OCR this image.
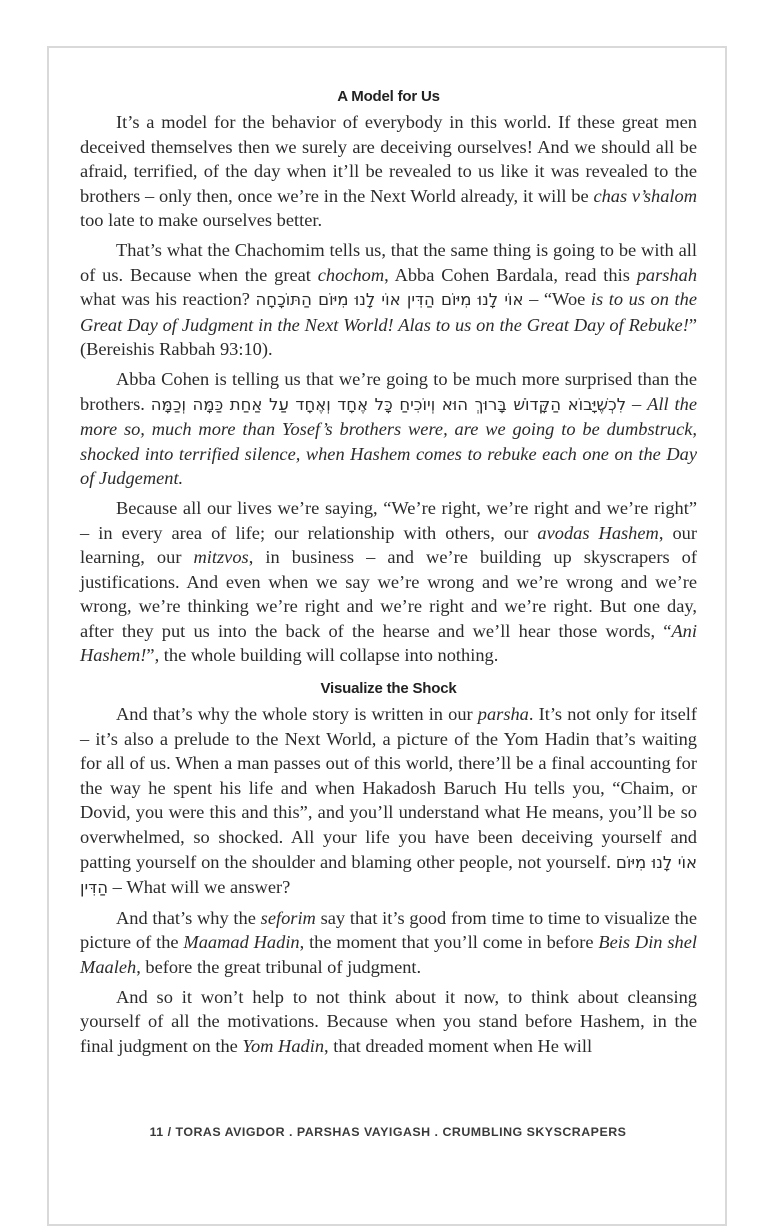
A Model for Us

It’s a model for the behavior of everybody in this world. If these great men deceived themselves then we surely are deceiving ourselves! And we should all be afraid, terrified, of the day when it’ll be revealed to us like it was revealed to the brothers – only then, once we’re in the Next World already, it will be chas v’shalom too late to make ourselves better.

That’s what the Chachomim tells us, that the same thing is going to be with all of us. Because when the great chochom, Abba Cohen Bardala, read this parshah what was his reaction? אוֹי לָנוּ מִיּוֹם הַדִּין אוֹי לָנוּ מִיּוֹם הַתּוֹכָחָה – “Woe is to us on the Great Day of Judgment in the Next World! Alas to us on the Great Day of Rebuke!” (Bereishis Rabbah 93:10).

Abba Cohen is telling us that we’re going to be much more surprised than the brothers. לִכְשֶׁיָּבוֹא הַקָּדוֹשׁ בָּרוּךְ הוּא וְיוֹכִיחַ כָּל אֶחָד וְאֶחָד עַל אַחַת כַּמָּה וְכַמָּה – All the more so, much more than Yosef’s brothers were, are we going to be dumbstruck, shocked into terrified silence, when Hashem comes to rebuke each one on the Day of Judgement.

Because all our lives we’re saying, “We’re right, we’re right and we’re right” – in every area of life; our relationship with others, our avodas Hashem, our learning, our mitzvos, in business – and we’re building up skyscrapers of justifications. And even when we say we’re wrong and we’re wrong and we’re wrong, we’re thinking we’re right and we’re right and we’re right. But one day, after they put us into the back of the hearse and we’ll hear those words, “Ani Hashem!”, the whole building will collapse into nothing.

Visualize the Shock

And that’s why the whole story is written in our parsha. It’s not only for itself – it’s also a prelude to the Next World, a picture of the Yom Hadin that’s waiting for all of us. When a man passes out of this world, there’ll be a final accounting for the way he spent his life and when Hakadosh Baruch Hu tells you, “Chaim, or Dovid, you were this and this”, and you’ll understand what He means, you’ll be so overwhelmed, so shocked. All your life you have been deceiving yourself and patting yourself on the shoulder and blaming other people, not yourself. אוֹי לָנוּ מִיּוֹם הַדִּין – What will we answer?

And that’s why the seforim say that it’s good from time to time to visualize the picture of the Maamad Hadin, the moment that you’ll come in before Beis Din shel Maaleh, before the great tribunal of judgment.

And so it won’t help to not think about it now, to think about cleansing yourself of all the motivations. Because when you stand before Hashem, in the final judgment on the Yom Hadin, that dreaded moment when He will

11 / TORAS AVIGDOR . PARSHAS VAYIGASH . CRUMBLING SKYSCRAPERS
